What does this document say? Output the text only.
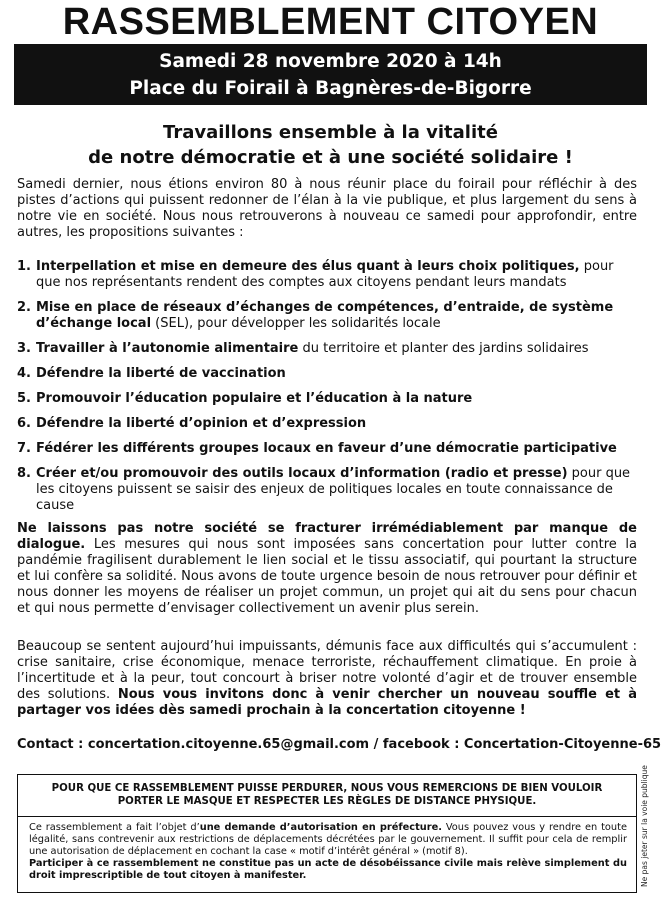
RASSEMBLEMENT CITOYEN
Samedi 28 novembre 2020 à 14h
Place du Foirail à Bagnères-de-Bigorre
Travaillons ensemble à la vitalité
de notre démocratie et à une société solidaire !
Samedi dernier, nous étions environ 80 à nous réunir place du foirail pour réfléchir à des pistes d’actions qui puissent redonner de l’élan à la vie publique, et plus largement du sens à notre vie en société. Nous nous retrouverons à nouveau ce samedi pour approfondir, entre autres, les propositions suivantes :
1. Interpellation et mise en demeure des élus quant à leurs choix politiques, pour que nos représentants rendent des comptes aux citoyens pendant leurs mandats
2. Mise en place de réseaux d’échanges de compétences, d’entraide, de système d’échange local (SEL), pour développer les solidarités locale
3. Travailler à l’autonomie alimentaire du territoire et planter des jardins solidaires
4. Défendre la liberté de vaccination
5. Promouvoir l’éducation populaire et l’éducation à la nature
6. Défendre la liberté d’opinion et d’expression
7. Fédérer les différents groupes locaux en faveur d’une démocratie participative
8. Créer et/ou promouvoir des outils locaux d’information (radio et presse) pour que les citoyens puissent se saisir des enjeux de politiques locales en toute connaissance de cause
Ne laissons pas notre société se fracturer irrémédiablement par manque de dialogue. Les mesures qui nous sont imposées sans concertation pour lutter contre la pandémie fragilisent durablement le lien social et le tissu associatif, qui pourtant la structure et lui confère sa solidité. Nous avons de toute urgence besoin de nous retrouver pour définir et nous donner les moyens de réaliser un projet commun, un projet qui ait du sens pour chacun et qui nous permette d’envisager collectivement un avenir plus serein.
Beaucoup se sentent aujourd’hui impuissants, démunis face aux difficultés qui s’accumulent : crise sanitaire, crise économique, menace terroriste, réchauffement climatique. En proie à l’incertitude et à la peur, tout concourt à briser notre volonté d’agir et de trouver ensemble des solutions. Nous vous invitons donc à venir chercher un nouveau souffle et à partager vos idées dès samedi prochain à la concertation citoyenne !
Contact : concertation.citoyenne.65@gmail.com / facebook : Concertation-Citoyenne-65
POUR QUE CE RASSEMBLEMENT PUISSE PERDURER, NOUS VOUS REMERCIONS DE BIEN VOULOIR
PORTER LE MASQUE ET RESPECTER LES RÈGLES DE DISTANCE PHYSIQUE.
Ce rassemblement a fait l’objet d’une demande d’autorisation en préfecture. Vous pouvez vous y rendre en toute légalité, sans contrevenir aux restrictions de déplacements décrétées par le gouvernement. Il suffit pour cela de remplir une autorisation de déplacement en cochant la case « motif d’intérêt général » (motif 8).
Participer à ce rassemblement ne constitue pas un acte de désobéissance civile mais relève simplement du droit imprescriptible de tout citoyen à manifester.	Ne pas jeter sur la voie publique
